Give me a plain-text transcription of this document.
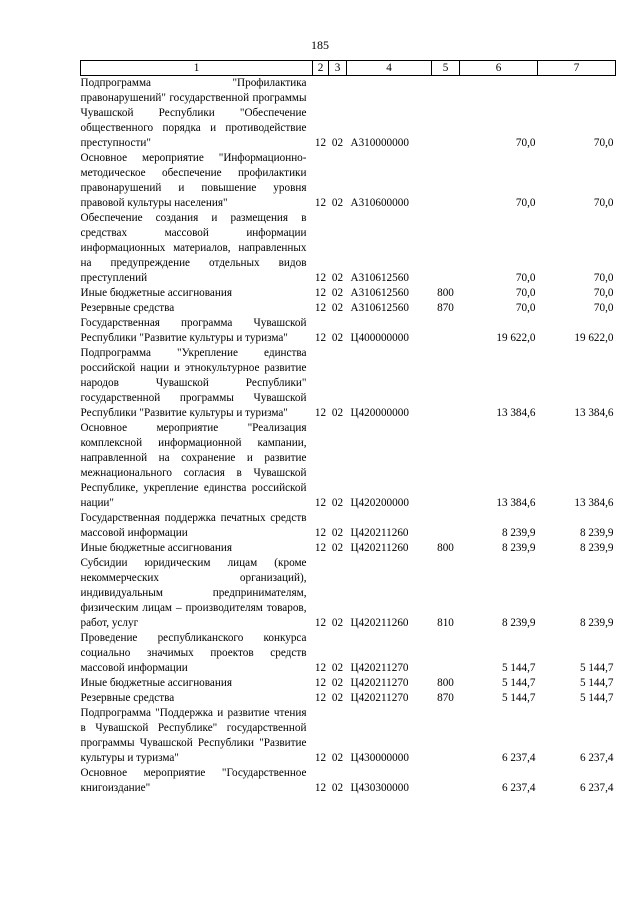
185
1	2	3	4	5	6	7
Подпрограмма "Профилактика правонарушений" государственной программы Чувашской Республики "Обеспечение общественного порядка и противодействие преступности"	12	02	А310000000		70,0	70,0
Основное мероприятие "Информационно-методическое обеспечение профилактики правонарушений и повышение уровня правовой культуры населения"	12	02	А310600000		70,0	70,0
Обеспечение создания и размещения в средствах массовой информации информационных материалов, направленных на предупреждение отдельных видов преступлений	12	02	А310612560		70,0	70,0
Иные бюджетные ассигнования	12	02	А310612560	800	70,0	70,0
Резервные средства	12	02	А310612560	870	70,0	70,0
Государственная программа Чувашской Республики "Развитие культуры и туризма"	12	02	Ц400000000		19 622,0	19 622,0
Подпрограмма "Укрепление единства российской нации и этнокультурное развитие народов Чувашской Республики" государственной программы Чувашской Республики "Развитие культуры и туризма"	12	02	Ц420000000		13 384,6	13 384,6
Основное мероприятие "Реализация комплексной информационной кампании, направленной на сохранение и развитие межнационального согласия в Чувашской Республике, укрепление единства российской нации"	12	02	Ц420200000		13 384,6	13 384,6
Государственная поддержка печатных средств массовой информации	12	02	Ц420211260		8 239,9	8 239,9
Иные бюджетные ассигнования	12	02	Ц420211260	800	8 239,9	8 239,9
Субсидии юридическим лицам (кроме некоммерческих организаций), индивидуальным предпринимателям, физическим лицам – производителям товаров, работ, услуг	12	02	Ц420211260	810	8 239,9	8 239,9
Проведение республиканского конкурса социально значимых проектов средств массовой информации	12	02	Ц420211270		5 144,7	5 144,7
Иные бюджетные ассигнования	12	02	Ц420211270	800	5 144,7	5 144,7
Резервные средства	12	02	Ц420211270	870	5 144,7	5 144,7
Подпрограмма "Поддержка и развитие чтения в Чувашской Республике" государственной программы Чувашской Республики "Развитие культуры и туризма"	12	02	Ц430000000		6 237,4	6 237,4
Основное мероприятие "Государственное книгоиздание"	12	02	Ц430300000		6 237,4	6 237,4
